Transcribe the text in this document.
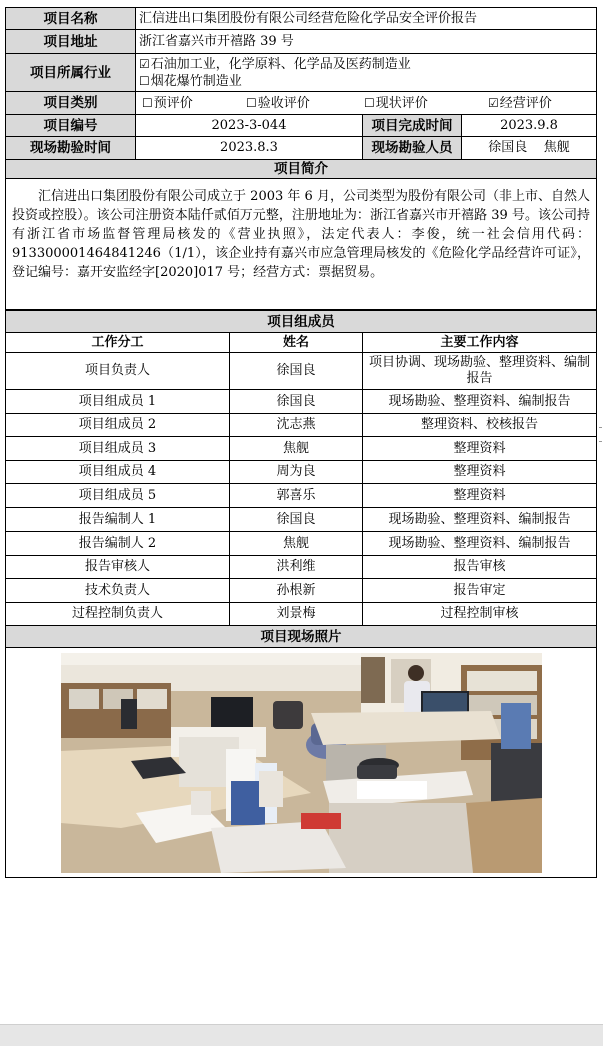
项目名称	汇信进出口集团股份有限公司经营危险化学品安全评价报告		
项目地址	浙江省嘉兴市开禧路 39 号		
项目所属行业	☑石油加工业，化学原料、化学品及医药制造业
☐烟花爆竹制造业		

项目类别	☐预评价 ☐验收评价 ☐现状评价 ☑经营评价		
项目编号	2023-3-044	项目完成时间	2023.9.8
现场勘验时间	2023.8.3	现场勘验人员	徐国良    焦舰
项目简介			
汇信进出口集团股份有限公司成立于 2003 年 6 月，公司类型为股份有限公司（非上市、自然人投资或控股）。该公司注册资本陆仟贰佰万元整，注册地址为：浙江省嘉兴市开禧路 39 号。该公司持有浙江省市场监督管理局核发的《营业执照》，法定代表人：李俊，统一社会信用代码：913300001464841246（1/1），该企业持有嘉兴市应急管理局核发的《危险化学品经营许可证》，登记编号：嘉开安监经字[2020]017 号；经营方式：票据贸易。			
项目组成员		
工作分工	姓名	主要工作内容
项目负责人	徐国良	项目协调、现场勘验、整理资料、编制报告
项目组成员 1	徐国良	现场勘验、整理资料、编制报告
项目组成员 2	沈志燕	整理资料、校核报告
项目组成员 3	焦舰	整理资料
项目组成员 4	周为良	整理资料
项目组成员 5	郭喜乐	整理资料
报告编制人 1	徐国良	现场勘验、整理资料、编制报告
报告编制人 2	焦舰	现场勘验、整理资料、编制报告
报告审核人	洪利维	报告审核
技术负责人	孙根新	报告审定
过程控制负责人	刘景梅	过程控制审核
项目现场照片		
